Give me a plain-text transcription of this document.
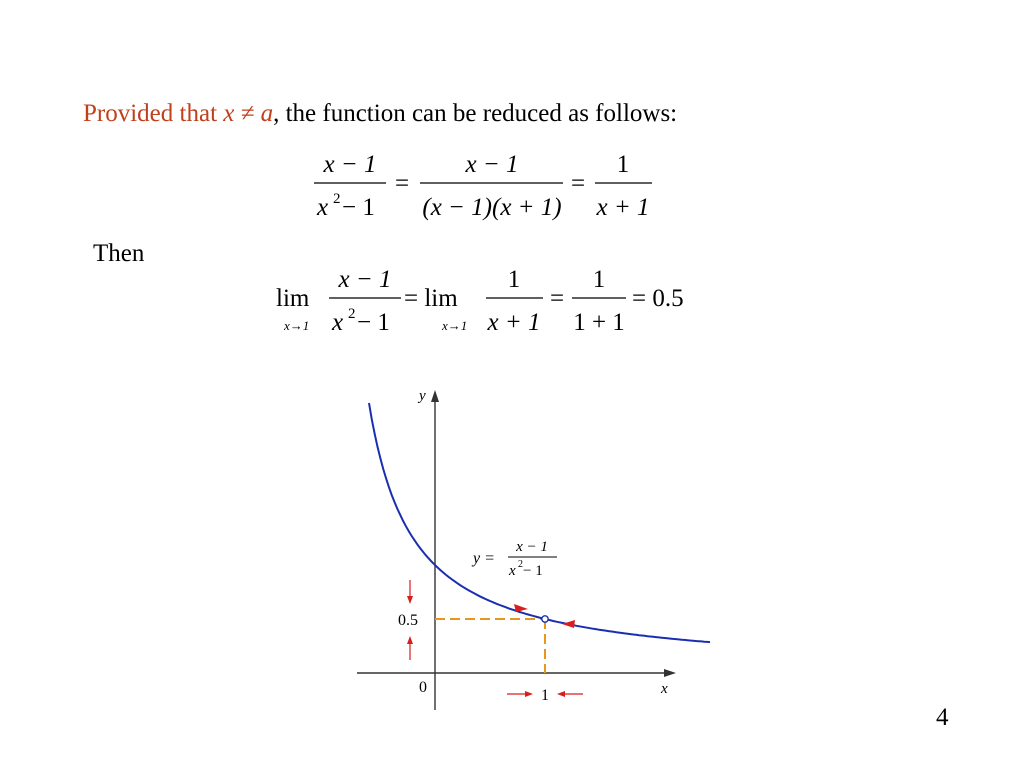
Provided that x ≠ a, the function can be reduced as follows:
x − 1
x 2 − 1
=
x − 1
(x − 1)(x + 1)
=
1
x + 1
lim
x→1
x − 1
x 2 − 1
= lim
x→1
1
x + 1
=
1
1 + 1
= 0.5
y
x
0
0.5
1
y =
x − 1
x 2 − 1
Then
4
